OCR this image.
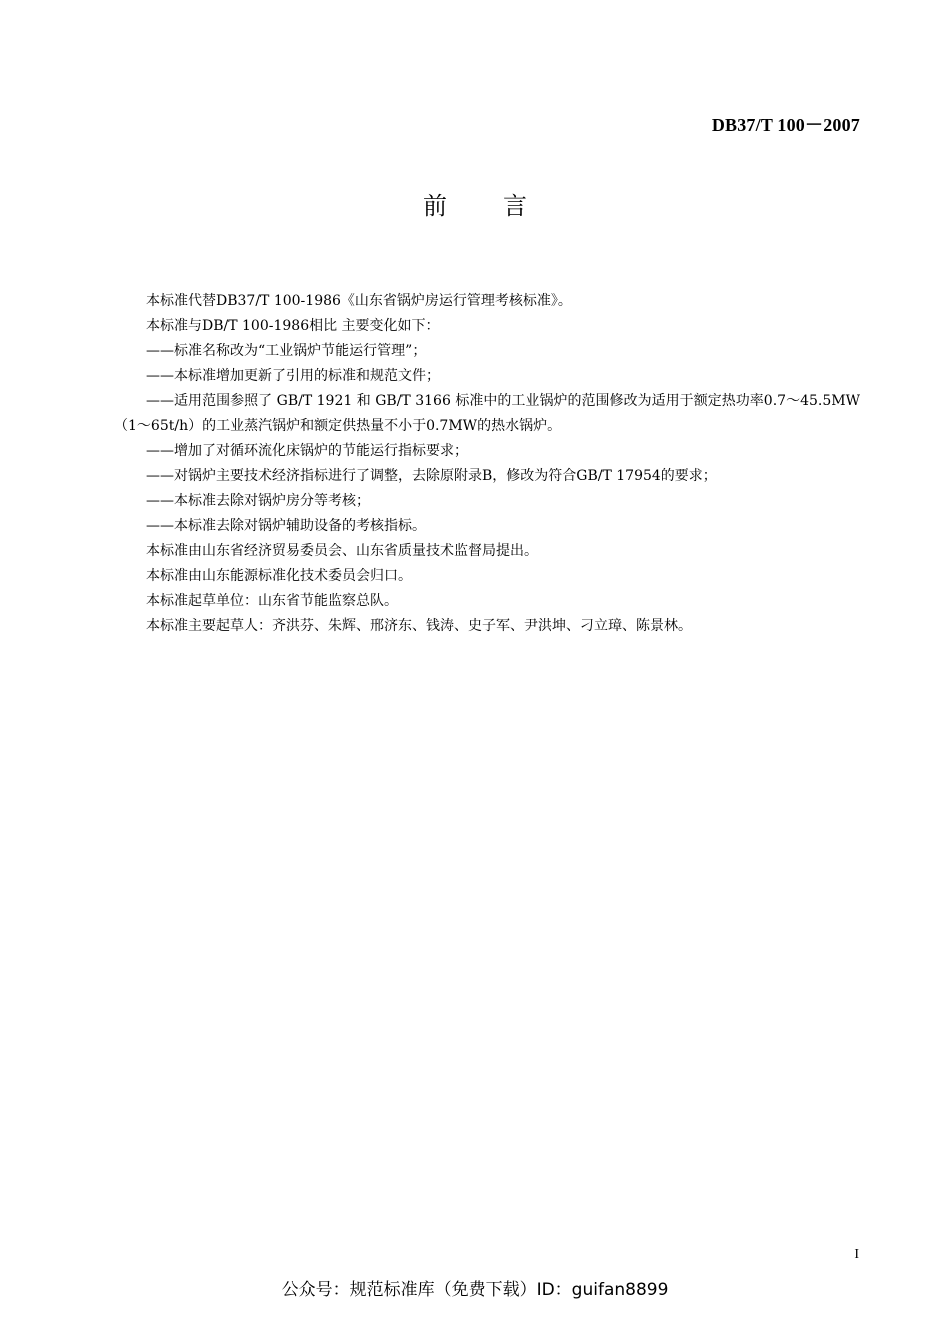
DB37/T 100－2007
前言

本标准代替DB37/T 100-1986《山东省锅炉房运行管理考核标准》。

本标准与DB/T 100-1986相比 主要变化如下：

——标准名称改为“工业锅炉节能运行管理”；

——本标准增加更新了引用的标准和规范文件；

——适用范围参照了 GB/T 1921 和 GB/T 3166 标准中的工业锅炉的范围修改为适用于额定热功率0.7～45.5MW（1～65t/h）的工业蒸汽锅炉和额定供热量不小于0.7MW的热水锅炉。

——增加了对循环流化床锅炉的节能运行指标要求；

——对锅炉主要技术经济指标进行了调整，去除原附录B，修改为符合GB/T 17954的要求；

——本标准去除对锅炉房分等考核；

——本标准去除对锅炉辅助设备的考核指标。

本标准由山东省经济贸易委员会、山东省质量技术监督局提出。

本标准由山东能源标准化技术委员会归口。

本标准起草单位：山东省节能监察总队。

本标准主要起草人：齐洪芬、朱辉、邢济东、钱涛、史子军、尹洪坤、刁立璋、陈景林。

I
公众号：规范标准库（免费下载）ID：guifan8899
